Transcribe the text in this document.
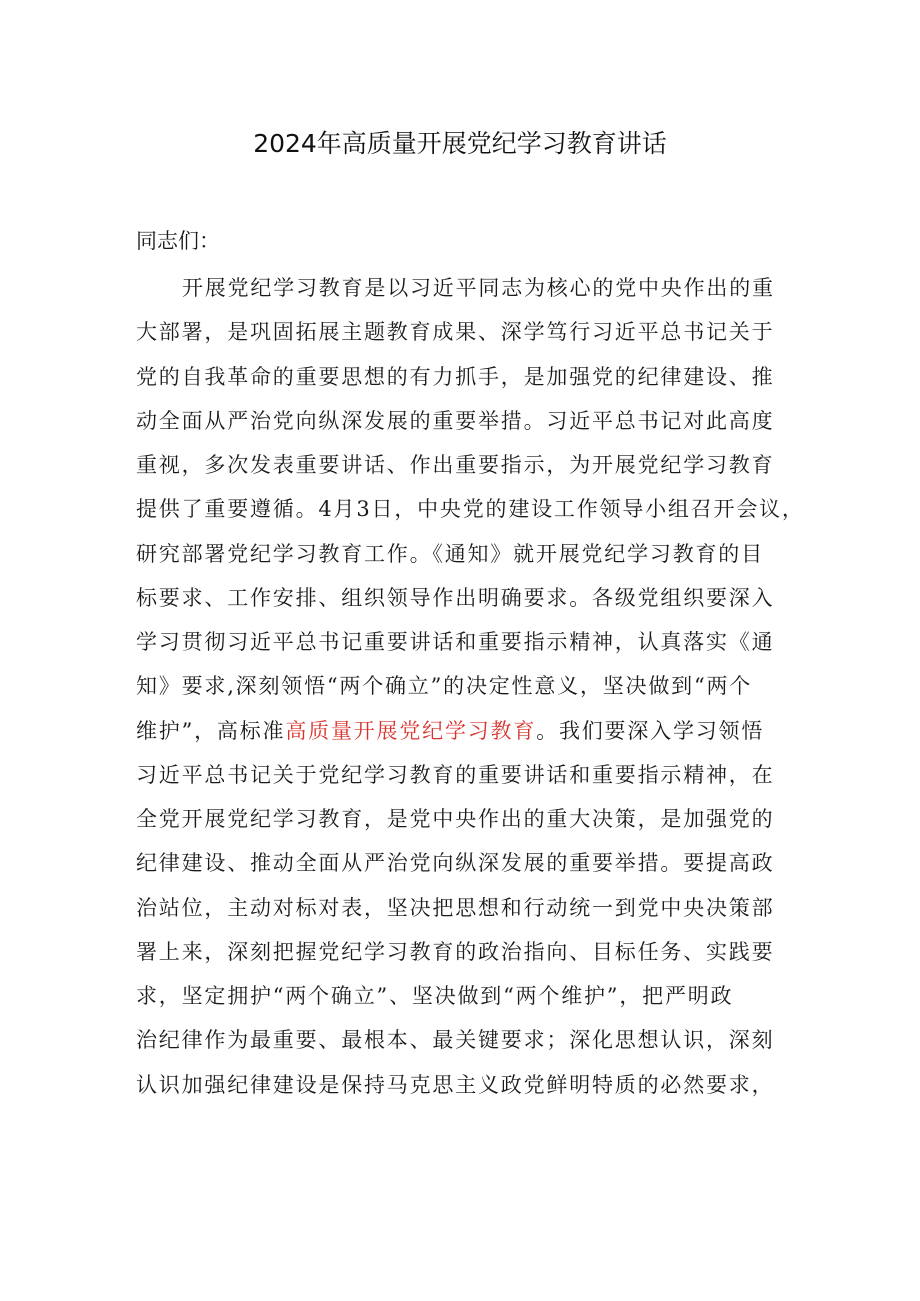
2024年高质量开展党纪学习教育讲话
同志们：
开展党纪学习教育是以习近平同志为核心的党中央作出的重
大部署，是巩固拓展主题教育成果、深学笃行习近平总书记关于
党的自我革命的重要思想的有力抓手，是加强党的纪律建设、推
动全面从严治党向纵深发展的重要举措。习近平总书记对此高度
重视，多次发表重要讲话、作出重要指示，为开展党纪学习教育
提供了重要遵循。4月3日，中央党的建设工作领导小组召开会议，
研究部署党纪学习教育工作。《通知》就开展党纪学习教育的目
标要求、工作安排、组织领导作出明确要求。各级党组织要深入
学习贯彻习近平总书记重要讲话和重要指示精神，认真落实《通
知》要求,深刻领悟“两个确立”的决定性意义，坚决做到“两个
维护”，高标准高质量开展党纪学习教育。我们要深入学习领悟
习近平总书记关于党纪学习教育的重要讲话和重要指示精神，在
全党开展党纪学习教育，是党中央作出的重大决策，是加强党的
纪律建设、推动全面从严治党向纵深发展的重要举措。要提高政
治站位，主动对标对表，坚决把思想和行动统一到党中央决策部
署上来，深刻把握党纪学习教育的政治指向、目标任务、实践要
求，坚定拥护“两个确立”、坚决做到“两个维护”，把严明政
治纪律作为最重要、最根本、最关键要求；深化思想认识，深刻
认识加强纪律建设是保持马克思主义政党鲜明特质的必然要求，
